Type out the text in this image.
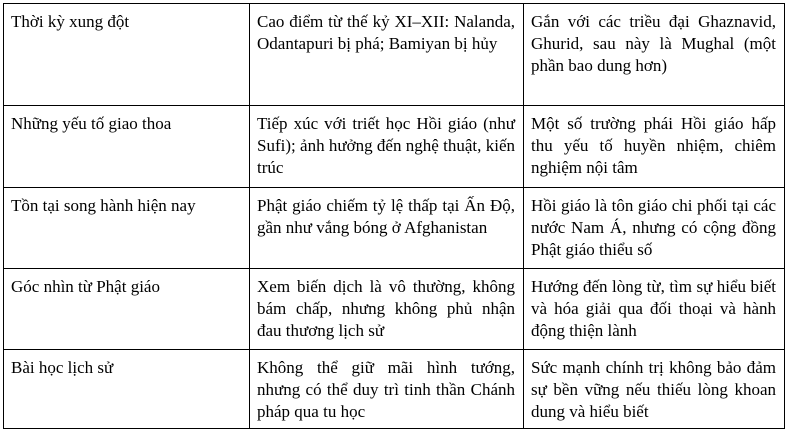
Thời kỳ xung đột	Cao điểm từ thế kỷ XI–XII: Nalanda, Odantapuri bị phá; Bamiyan bị hủy	Gắn với các triều đại Ghaznavid, Ghurid, sau này là Mughal (một phần bao dung hơn)
Những yếu tố giao thoa	Tiếp xúc với triết học Hồi giáo (như Sufi); ảnh hưởng đến nghệ thuật, kiến trúc	Một số trường phái Hồi giáo hấp thu yếu tố huyền nhiệm, chiêm nghiệm nội tâm
Tồn tại song hành hiện nay	Phật giáo chiếm tỷ lệ thấp tại Ấn Độ, gần như vắng bóng ở Afghanistan	Hồi giáo là tôn giáo chi phối tại các nước Nam Á, nhưng có cộng đồng Phật giáo thiểu số
Góc nhìn từ Phật giáo	Xem biến dịch là vô thường, không bám chấp, nhưng không phủ nhận đau thương lịch sử	Hướng đến lòng từ, tìm sự hiểu biết và hóa giải qua đối thoại và hành động thiện lành
Bài học lịch sử	Không thể giữ mãi hình tướng, nhưng có thể duy trì tinh thần Chánh pháp qua tu học	Sức mạnh chính trị không bảo đảm sự bền vững nếu thiếu lòng khoan dung và hiểu biết
